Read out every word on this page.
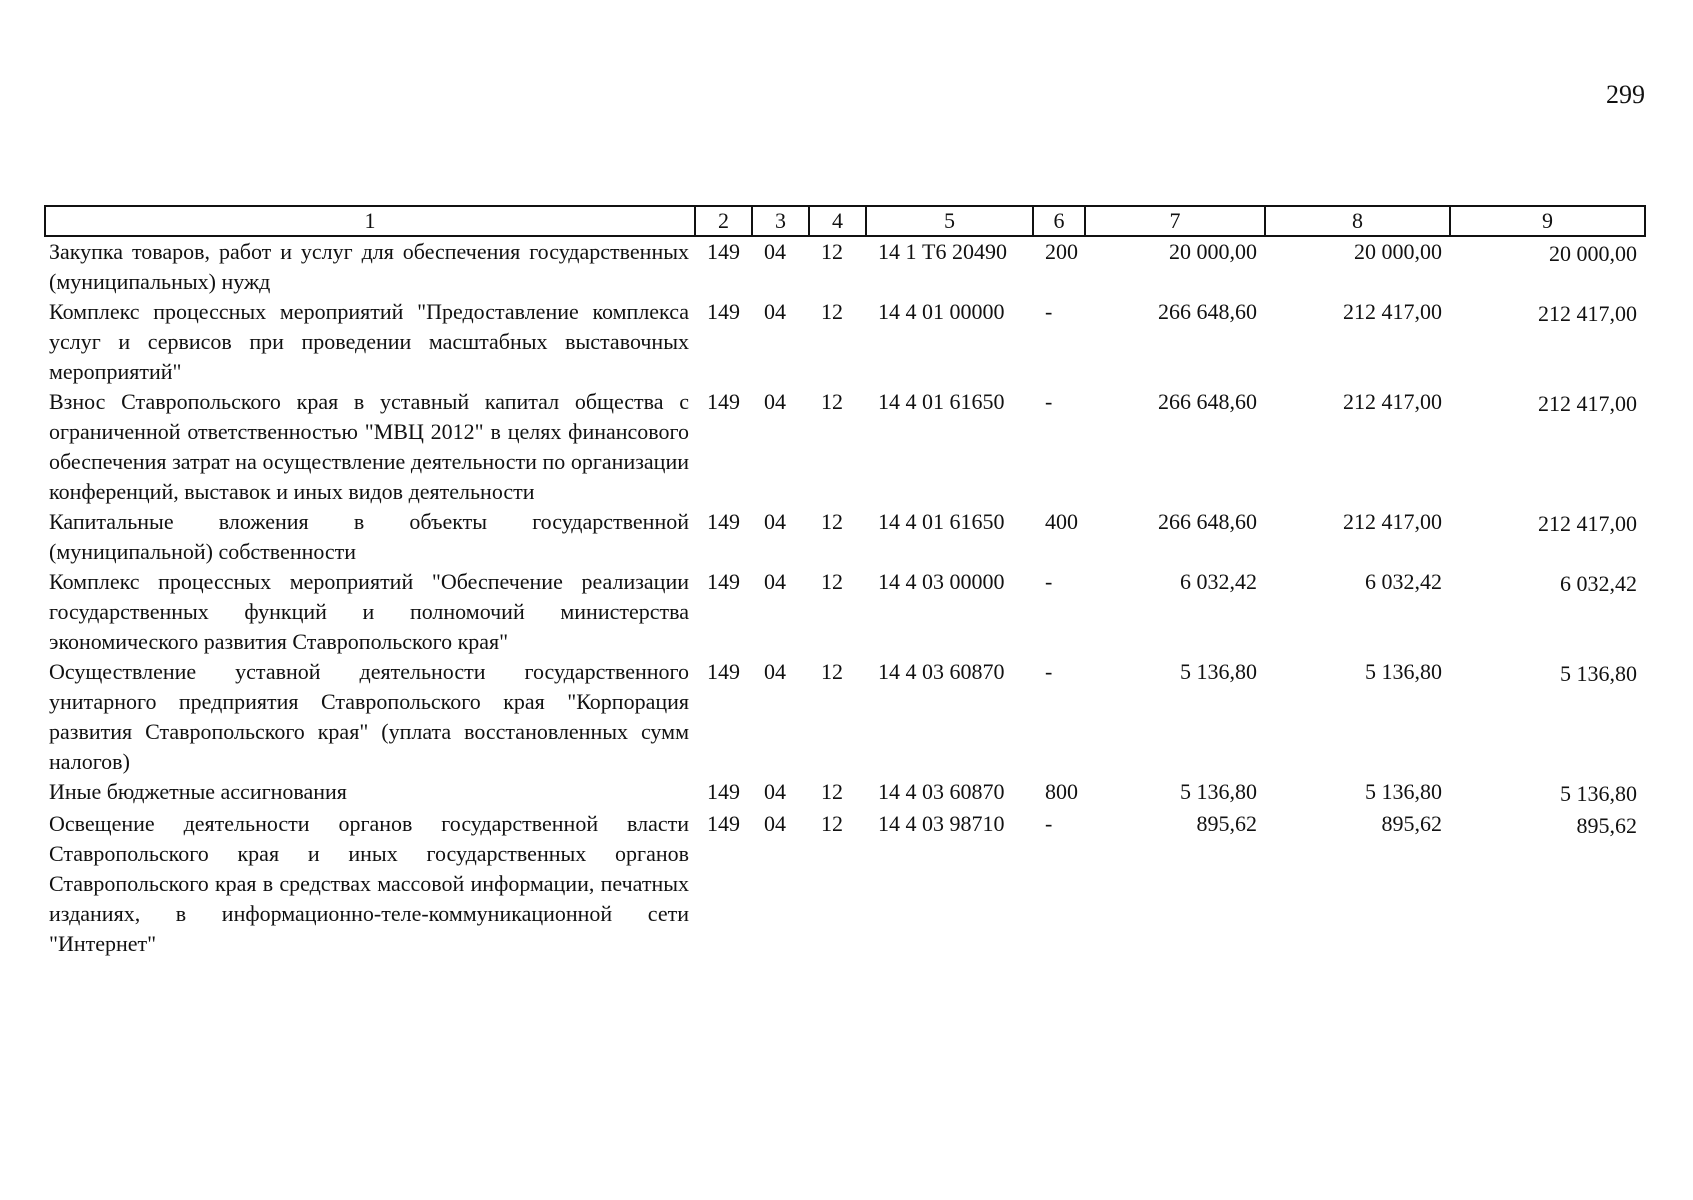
299
1	2	3	4	5	6	7	8	9
Закупка товаров, работ и услуг для обеспечения государственных (муниципальных) нужд	149	04	12	14 1 Т6 20490	200	20 000,00	20 000,00	20 000,00
Комплекс процессных мероприятий "Предоставление комплекса услуг и сервисов при проведении масштабных выставочных мероприятий"	149	04	12	14 4 01 00000	-	266 648,60	212 417,00	212 417,00
Взнос Ставропольского края в уставный капитал общества с ограниченной ответственностью "МВЦ 2012" в целях финансового обеспечения затрат на осуществление деятельности по организации конференций, выставок и иных видов деятельности	149	04	12	14 4 01 61650	-	266 648,60	212 417,00	212 417,00
Капитальные вложения в объекты государственной (муниципальной) собственности	149	04	12	14 4 01 61650	400	266 648,60	212 417,00	212 417,00
Комплекс процессных мероприятий "Обеспечение реализации государственных функций и полномочий министерства экономического развития Ставропольского края"	149	04	12	14 4 03 00000	-	6 032,42	6 032,42	6 032,42
Осуществление уставной деятельности государственного унитарного предприятия Ставропольского края "Корпорация развития Ставропольского края" (уплата восстановленных сумм налогов)	149	04	12	14 4 03 60870	-	5 136,80	5 136,80	5 136,80
Иные бюджетные ассигнования	149	04	12	14 4 03 60870	800	5 136,80	5 136,80	5 136,80
Освещение деятельности органов государственной власти Ставропольского края и иных государственных органов Ставропольского края в средствах массовой информации, печатных изданиях, в информационно-теле-коммуникационной сети "Интернет"	149	04	12	14 4 03 98710	-	895,62	895,62	895,62
